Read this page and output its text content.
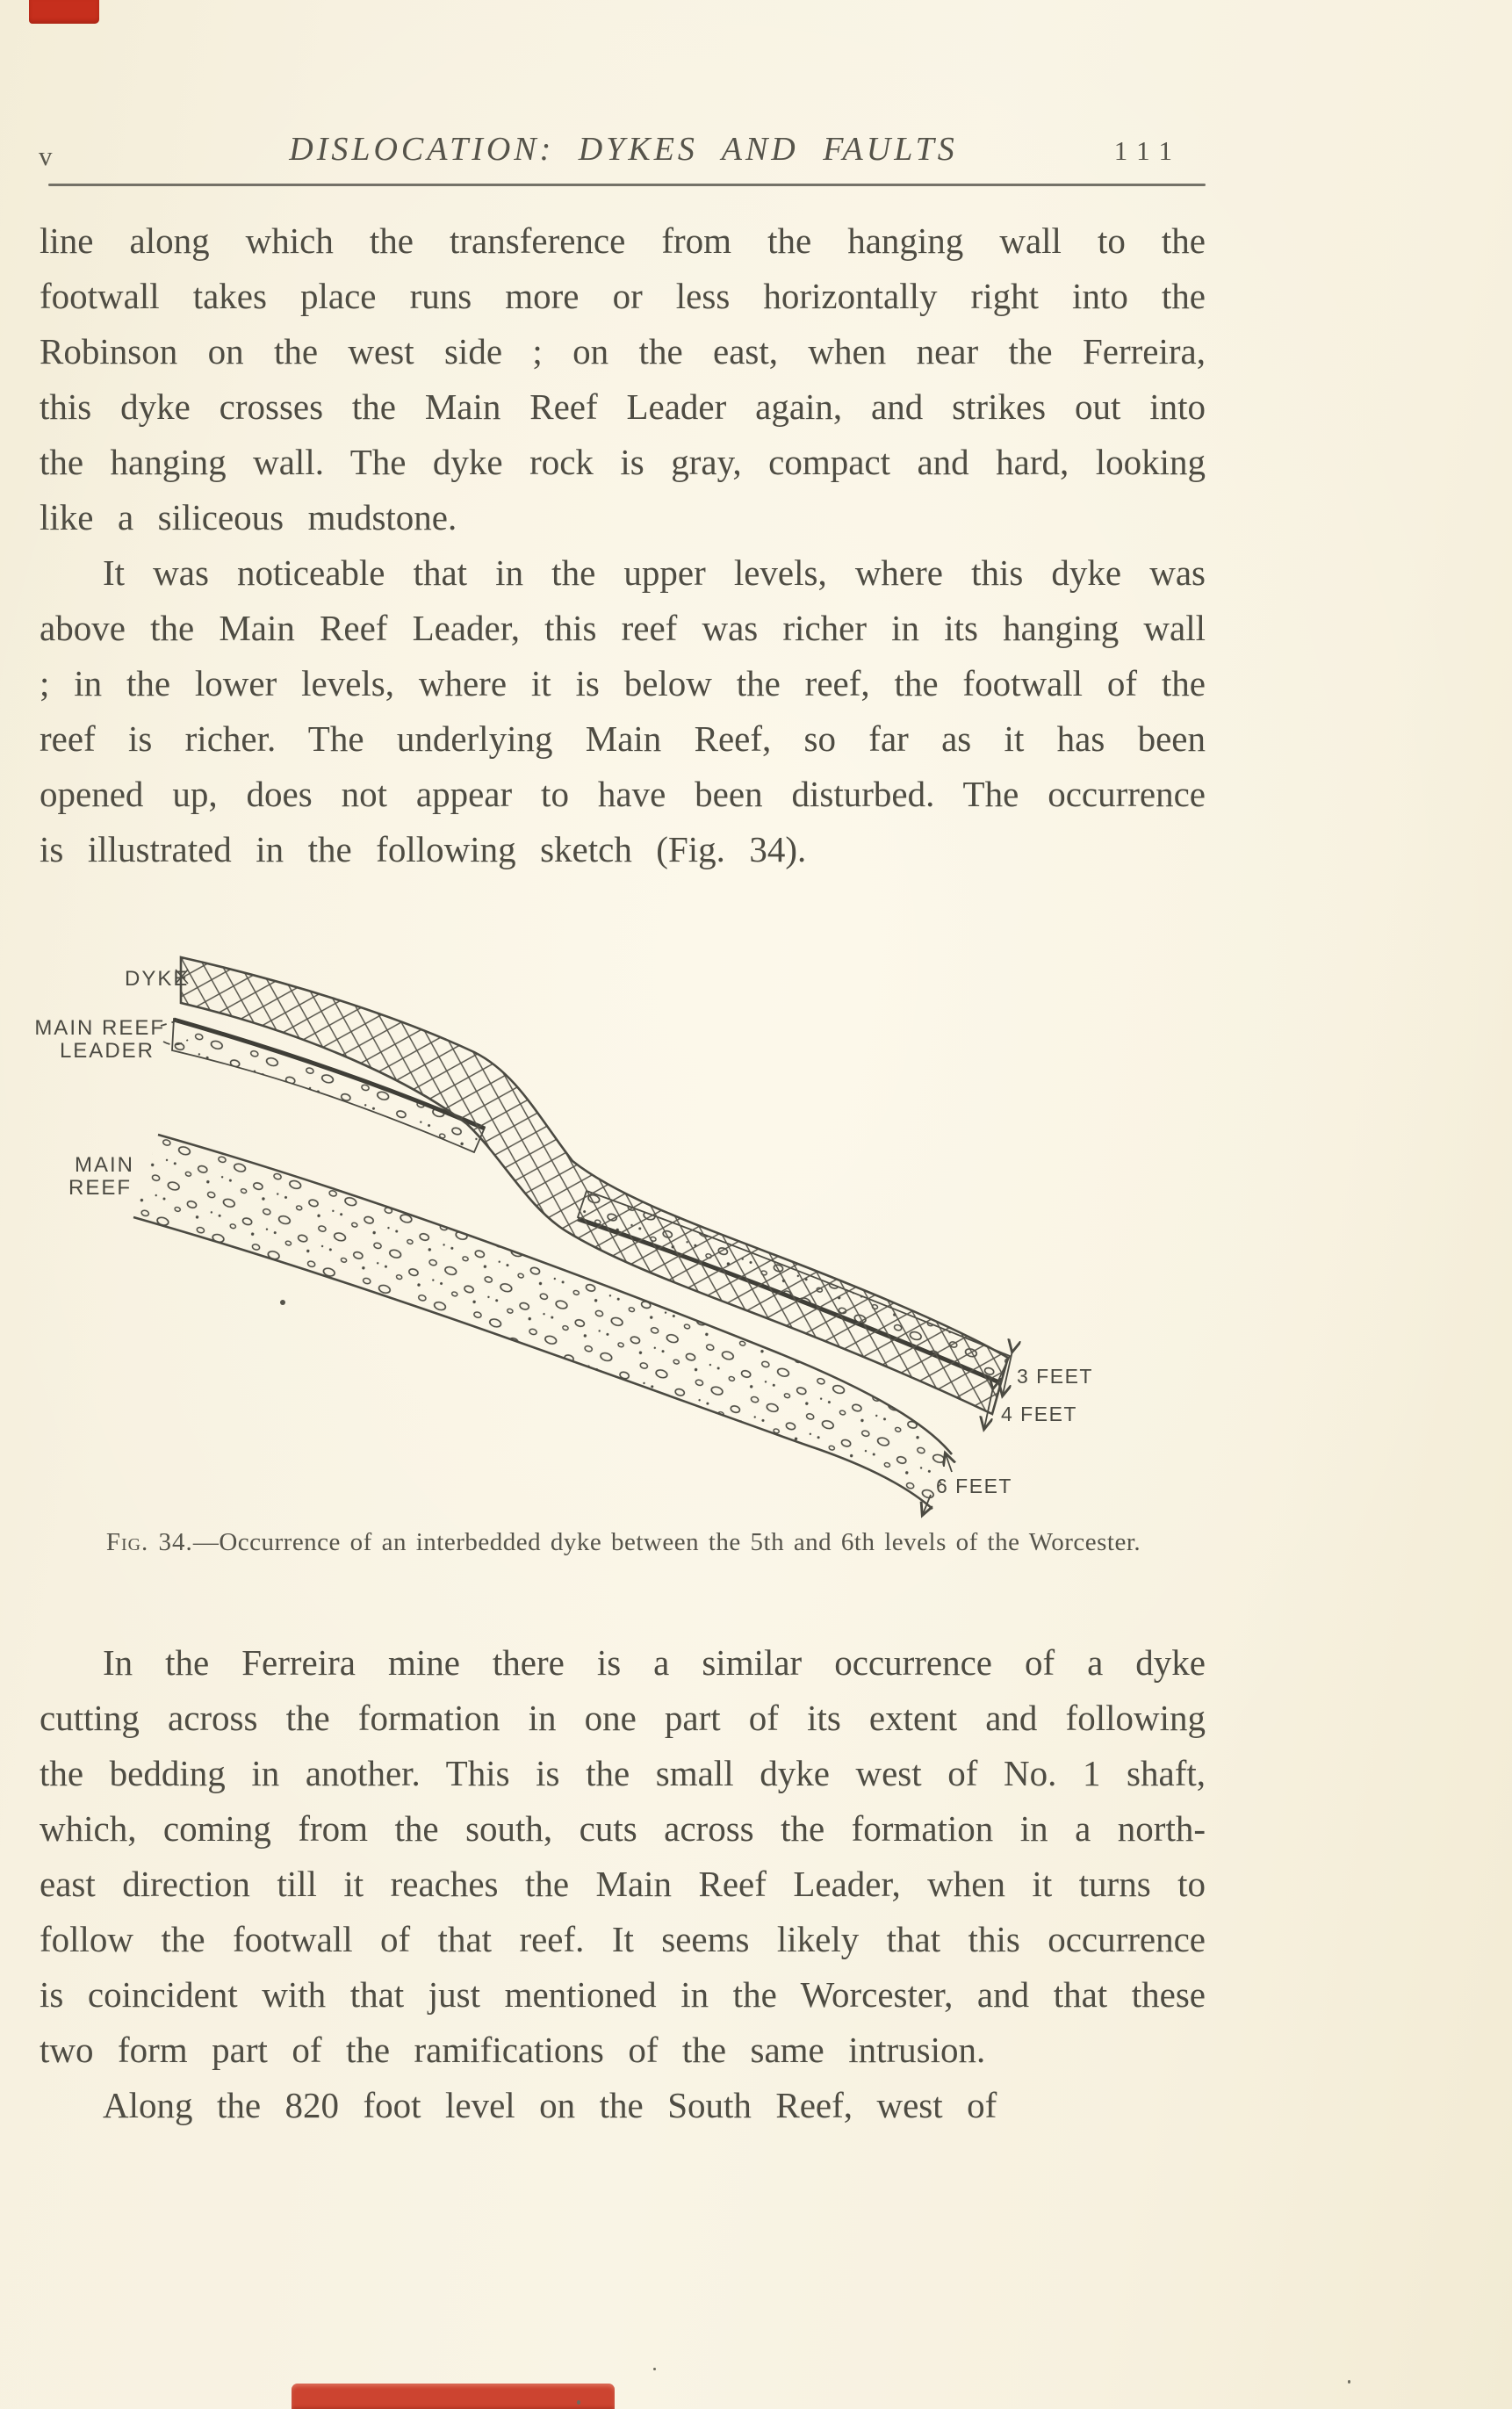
v	DISLOCATION: DYKES AND FAULTS	111

line along which the transference from the hanging wall to the footwall takes place runs more or less horizontally right into the Robinson on the west side ; on the east, when near the Ferreira, this dyke crosses the Main Reef Leader again, and strikes out into the hanging wall. The dyke rock is gray, compact and hard, looking like a siliceous mudstone.

It was noticeable that in the upper levels, where this dyke was above the Main Reef Leader, this reef was richer in its hanging wall ; in the lower levels, where it is below the reef, the footwall of the reef is richer. The underlying Main Reef, so far as it has been opened up, does not appear to have been disturbed. The occurrence is illustrated in the following sketch (Fig. 34).

DYKE
MAIN REEF
LEADER
MAIN
REEF
3 FEET
4 FEET
6 FEET
Fig. 34.—Occurrence of an interbedded dyke between the 5th and 6th levels of the Worcester.

In the Ferreira mine there is a similar occurrence of a dyke cutting across the formation in one part of its extent and following the bedding in another. This is the small dyke west of No. 1 shaft, which, coming from the south, cuts across the formation in a north-east direction till it reaches the Main Reef Leader, when it turns to follow the footwall of that reef. It seems likely that this occurrence is coincident with that just mentioned in the Worcester, and that these two form part of the ramifications of the same intrusion.

Along the 820 foot level on the South Reef, west of
